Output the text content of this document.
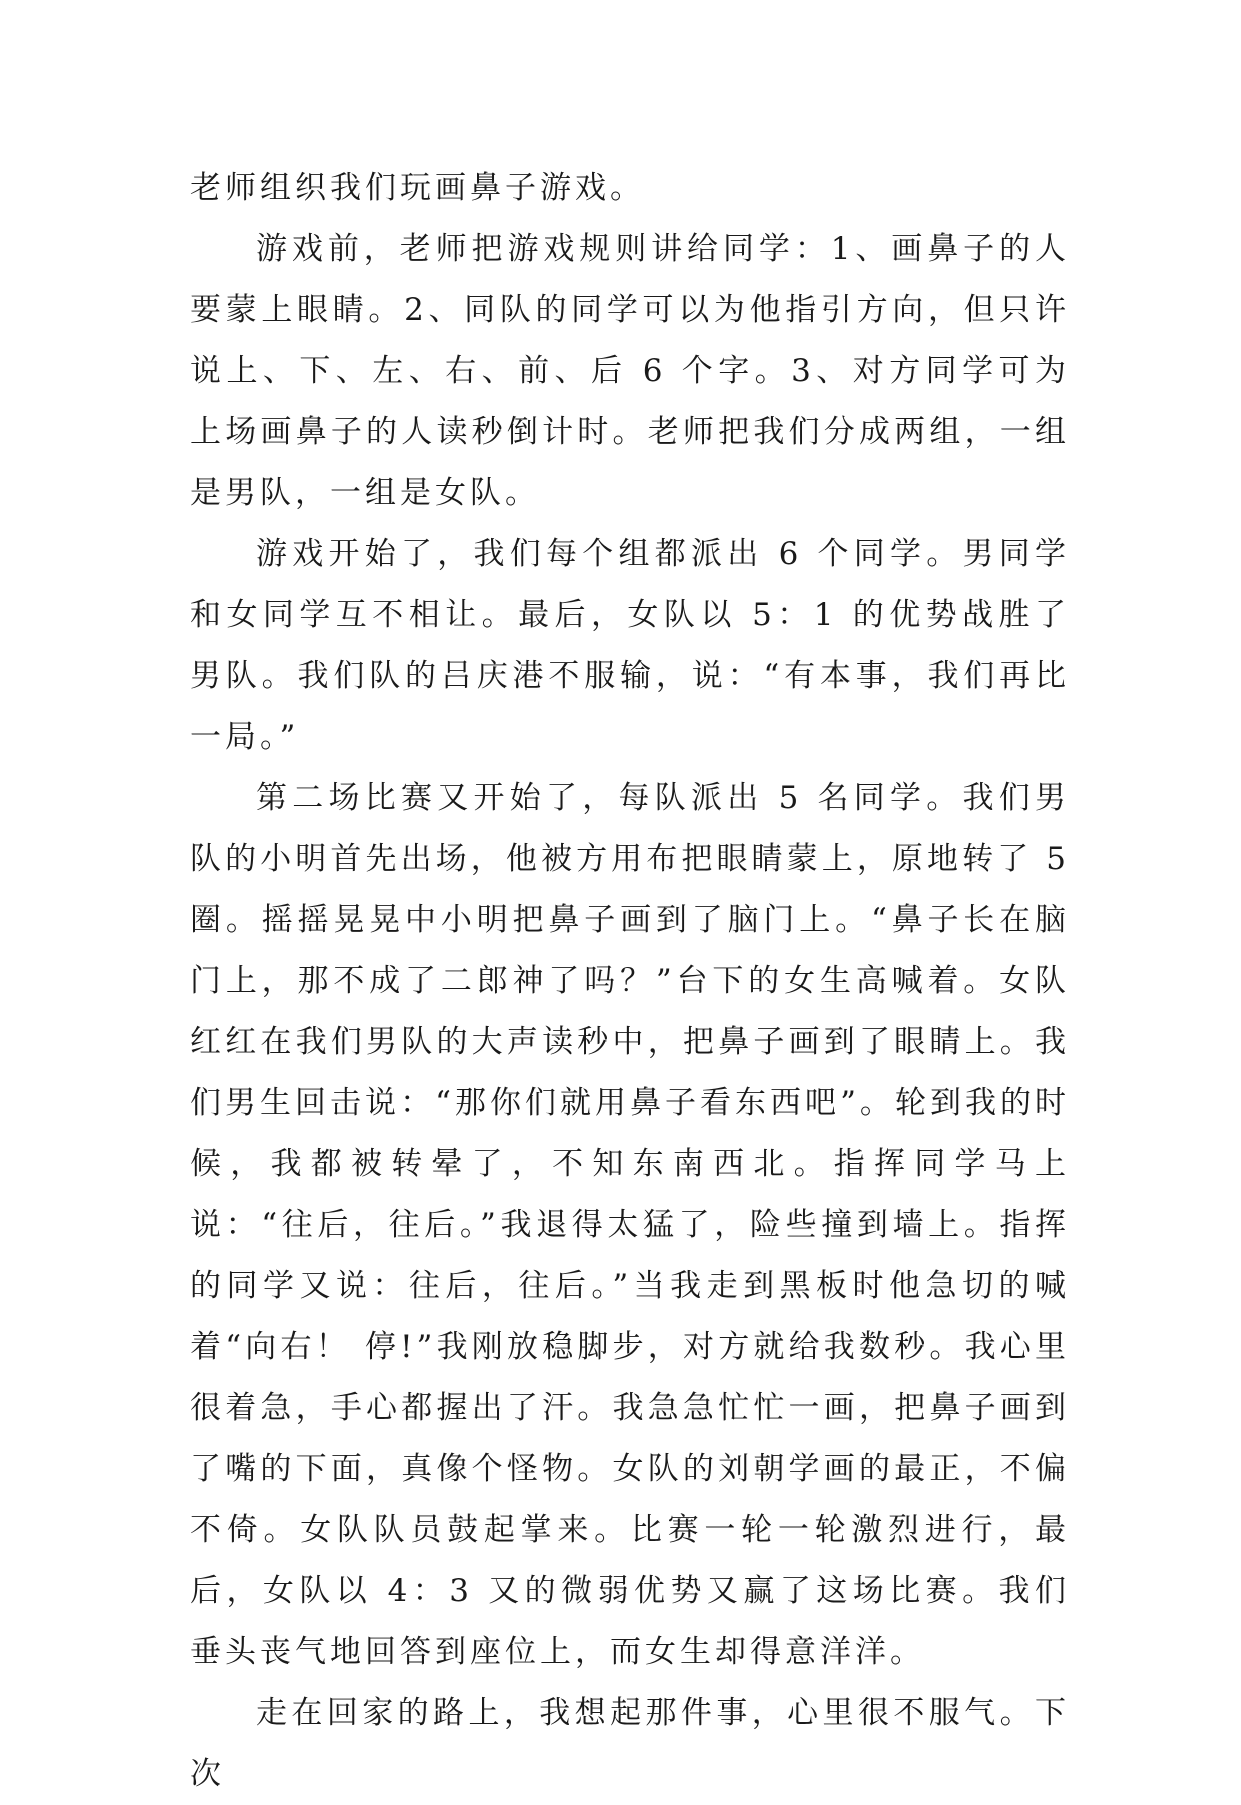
老师组织我们玩画鼻子游戏。

游戏前，老师把游戏规则讲给同学：1、画鼻子的人要蒙上眼睛。2、同队的同学可以为他指引方向，但只许说上、下、左、右、前、后 6 个字。3、对方同学可为上场画鼻子的人读秒倒计时。老师把我们分成两组，一组是男队，一组是女队。

游戏开始了，我们每个组都派出 6 个同学。男同学和女同学互不相让。最后，女队以 5：1 的优势战胜了男队。我们队的吕庆港不服输，说：“有本事，我们再比一局。”

第二场比赛又开始了，每队派出 5 名同学。我们男队的小明首先出场，他被方用布把眼睛蒙上，原地转了 5 圈。摇摇晃晃中小明把鼻子画到了脑门上。“鼻子长在脑门上，那不成了二郎神了吗？”台下的女生高喊着。女队红红在我们男队的大声读秒中，把鼻子画到了眼睛上。我们男生回击说：“那你们就用鼻子看东西吧”。轮到我的时候，我都被转晕了，不知东南西北。指挥同学马上说：“往后，往后。”我退得太猛了，险些撞到墙上。指挥的同学又说：往后，往后。”当我走到黑板时他急切的喊着“向右！ 停!”我刚放稳脚步，对方就给我数秒。我心里很着急，手心都握出了汗。我急急忙忙一画，把鼻子画到了嘴的下面，真像个怪物。女队的刘朝学画的最正，不偏不倚。女队队员鼓起掌来。比赛一轮一轮激烈进行，最后，女队以 4：3 又的微弱优势又赢了这场比赛。我们垂头丧气地回答到座位上，而女生却得意洋洋。

走在回家的路上，我想起那件事，心里很不服气。下次
